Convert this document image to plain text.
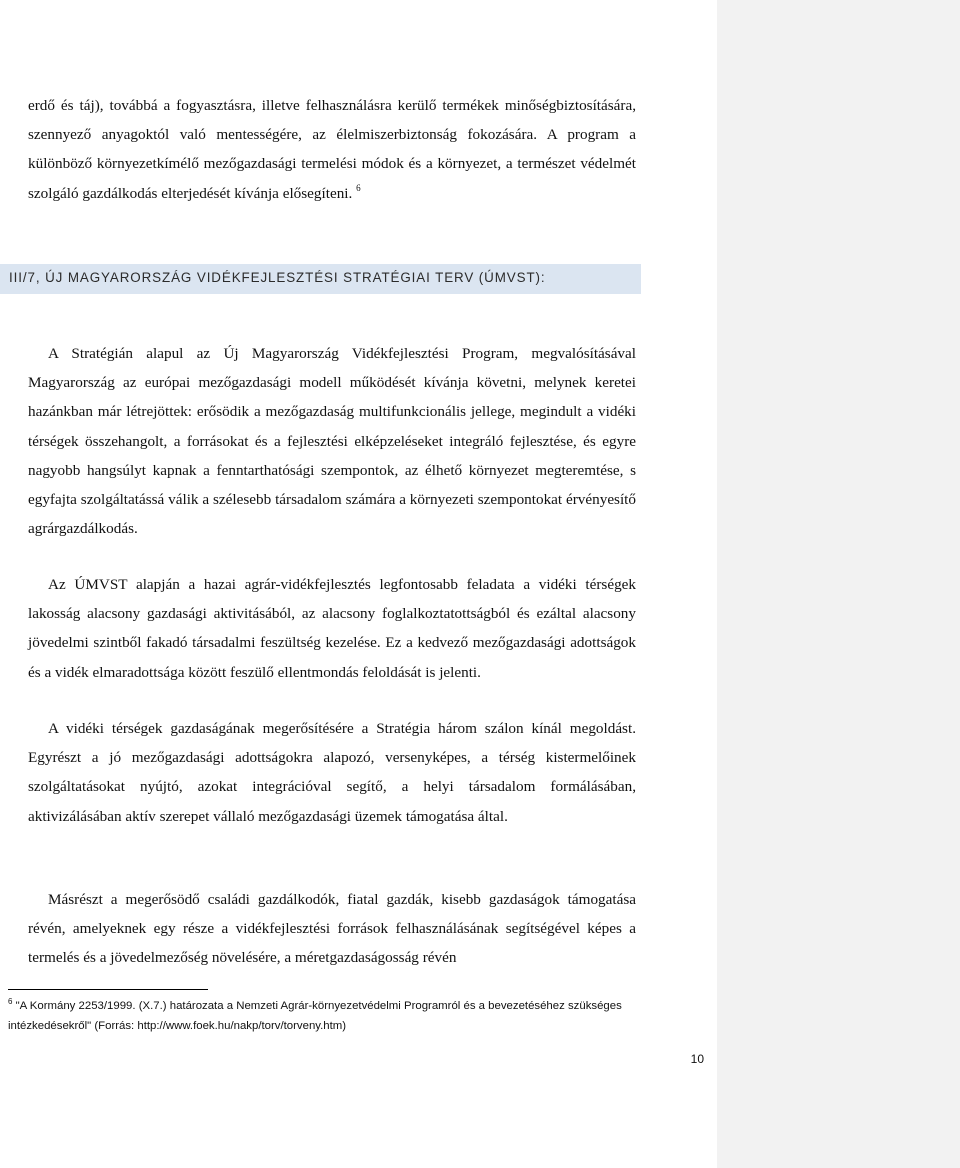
erdő és táj), továbbá a fogyasztásra, illetve felhasználásra kerülő termékek minőségbiztosítására, szennyező anyagoktól való mentességére, az élelmiszerbiztonság fokozására. A program a különböző környezetkímélő mezőgazdasági termelési módok és a környezet, a természet védelmét szolgáló gazdálkodás elterjedését kívánja elősegíteni. $^6$

III/7, ÚJ MAGYARORSZÁG VIDÉKFEJLESZTÉSI STRATÉGIAI TERV (ÚMVST):

A Stratégián alapul az Új Magyarország Vidékfejlesztési Program, megvalósításával Magyarország az európai mezőgazdasági modell működését kívánja követni, melynek keretei hazánkban már létrejöttek: erősödik a mezőgazdaság multifunkcionális jellege, megindult a vidéki térségek összehangolt, a forrásokat és a fejlesztési elképzeléseket integráló fejlesztése, és egyre nagyobb hangsúlyt kapnak a fenntarthatósági szempontok, az élhető környezet megteremtése, s egyfajta szolgáltatássá válik a szélesebb társadalom számára a környezeti szempontokat érvényesítő agrárgazdálkodás.

Az ÚMVST alapján a hazai agrár-vidékfejlesztés legfontosabb feladata a vidéki térségek lakosság alacsony gazdasági aktivitásából, az alacsony foglalkoztatottságból és ezáltal alacsony jövedelmi szintből fakadó társadalmi feszültség kezelése. Ez a kedvező mezőgazdasági adottságok és a vidék elmaradottsága között feszülő ellentmondás feloldását is jelenti.

A vidéki térségek gazdaságának megerősítésére a Stratégia három szálon kínál megoldást. Egyrészt a jó mezőgazdasági adottságokra alapozó, versenyképes, a térség kistermelőinek szolgáltatásokat nyújtó, azokat integrációval segítő, a helyi társadalom formálásában, aktivizálásában aktív szerepet vállaló mezőgazdasági üzemek támogatása által.

Másrészt a megerősödő családi gazdálkodók, fiatal gazdák, kisebb gazdaságok támogatása révén, amelyeknek egy része a vidékfejlesztési források felhasználásának segítségével képes a termelés és a jövedelmezőség növelésére, a méretgazdaságosság révén

$^6$ "A Kormány 2253/1999. (X.7.) határozata a Nemzeti Agrár-környezetvédelmi Programról és a bevezetéséhez szükséges intézkedésekről" (Forrás: http://www.foek.hu/nakp/torv/torveny.htm)

10
